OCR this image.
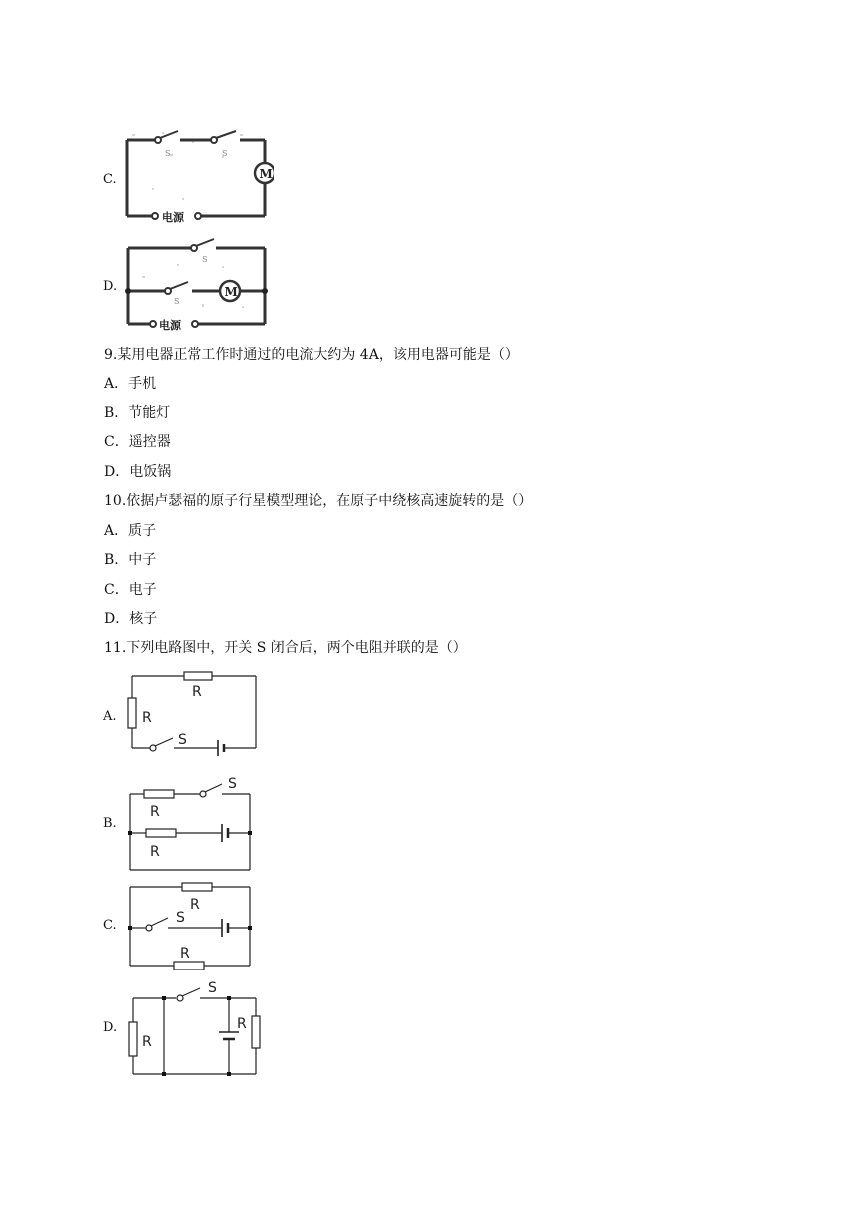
C.
S	S
M
电源
D.
S
S
M
电源
9.某用电器正常工作时通过的电流大约为 4A，该用电器可能是（）
A．手机
B．节能灯
C．遥控器
D．电饭锅
10.依据卢瑟福的原子行星模型理论，在原子中绕核高速旋转的是（）
A．质子
B．中子
C．电子
D．核子
11.下列电路图中，开关 S 闭合后，两个电阻并联的是（）
A.
R
R
S
B.
R
R
S
C.
R
S
R
D.
R
R
S
